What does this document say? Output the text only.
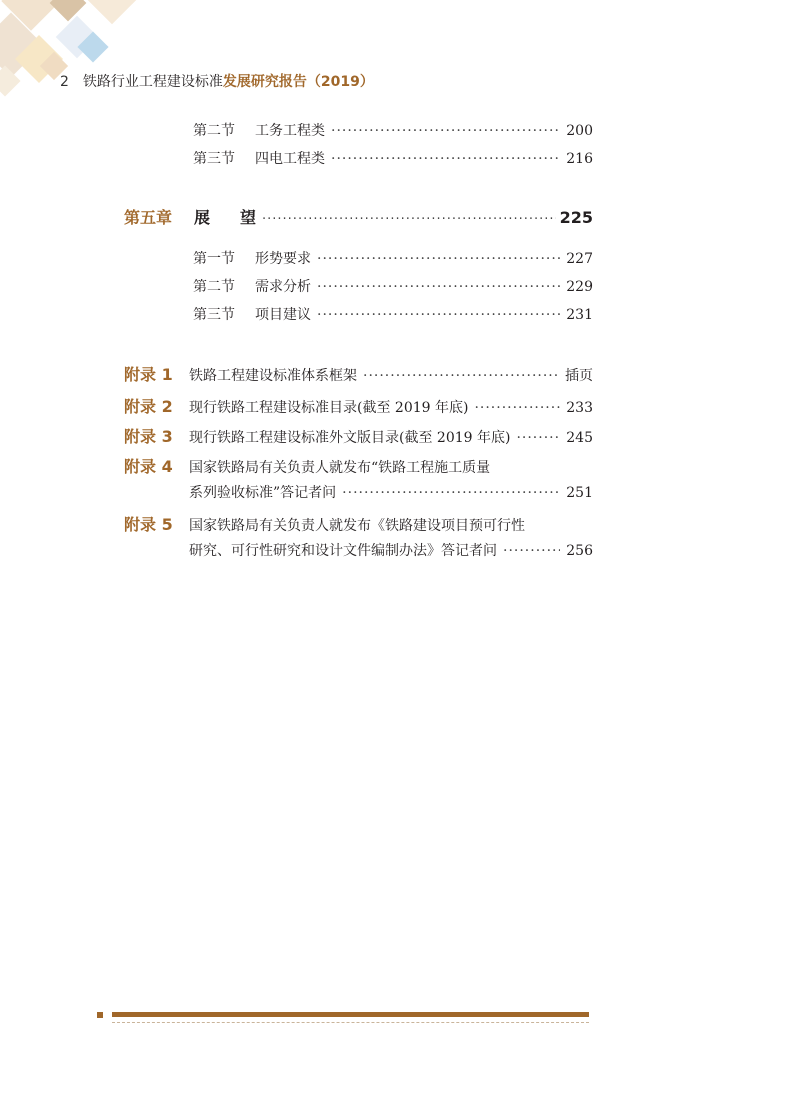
2 铁路行业工程建设标准发展研究报告（2019）
第二节	工务工程类 ·····	200
第三节	四电工程类 ·····	216
第五章	展望 ·····	225
第一节	形势要求 ·····	227
第二节	需求分析 ·····	229
第三节	项目建议 ·····	231
附录 1	铁路工程建设标准体系框架 ·····	插页
附录 2	现行铁路工程建设标准目录(截至 2019 年底) ·····	233
附录 3	现行铁路工程建设标准外文版目录(截至 2019 年底) ·····	245
附录 4	国家铁路局有关负责人就发布“铁路工程施工质量
系列验收标准”答记者问 ·····	251
附录 5	国家铁路局有关负责人就发布《铁路建设项目预可行性
研究、可行性研究和设计文件编制办法》答记者问 ·····	256
